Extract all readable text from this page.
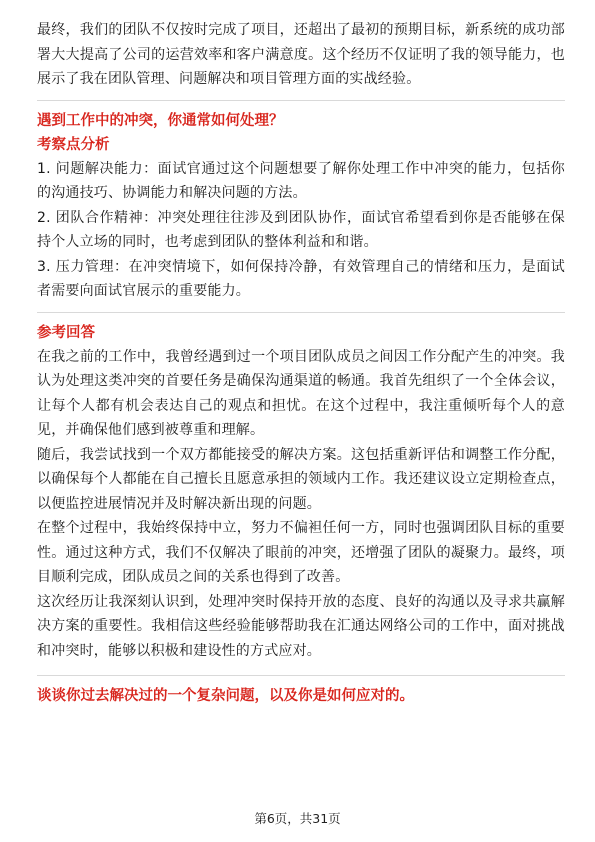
最终，我们的团队不仅按时完成了项目，还超出了最初的预期目标，新系统的成功部署大大提高了公司的运营效率和客户满意度。这个经历不仅证明了我的领导能力，也展示了我在团队管理、问题解决和项目管理方面的实战经验。

遇到工作中的冲突，你通常如何处理？

考察点分析

1. 问题解决能力：面试官通过这个问题想要了解你处理工作中冲突的能力，包括你的沟通技巧、协调能力和解决问题的方法。

2. 团队合作精神：冲突处理往往涉及到团队协作，面试官希望看到你是否能够在保持个人立场的同时，也考虑到团队的整体利益和和谐。

3. 压力管理：在冲突情境下，如何保持冷静，有效管理自己的情绪和压力，是面试者需要向面试官展示的重要能力。

参考回答

在我之前的工作中，我曾经遇到过一个项目团队成员之间因工作分配产生的冲突。我认为处理这类冲突的首要任务是确保沟通渠道的畅通。我首先组织了一个全体会议，让每个人都有机会表达自己的观点和担忧。在这个过程中，我注重倾听每个人的意见，并确保他们感到被尊重和理解。

随后，我尝试找到一个双方都能接受的解决方案。这包括重新评估和调整工作分配，以确保每个人都能在自己擅长且愿意承担的领域内工作。我还建议设立定期检查点，以便监控进展情况并及时解决新出现的问题。

在整个过程中，我始终保持中立，努力不偏袒任何一方，同时也强调团队目标的重要性。通过这种方式，我们不仅解决了眼前的冲突，还增强了团队的凝聚力。最终，项目顺利完成，团队成员之间的关系也得到了改善。

这次经历让我深刻认识到，处理冲突时保持开放的态度、良好的沟通以及寻求共赢解决方案的重要性。我相信这些经验能够帮助我在汇通达网络公司的工作中，面对挑战和冲突时，能够以积极和建设性的方式应对。

谈谈你过去解决过的一个复杂问题，以及你是如何应对的。

第6页，共31页
